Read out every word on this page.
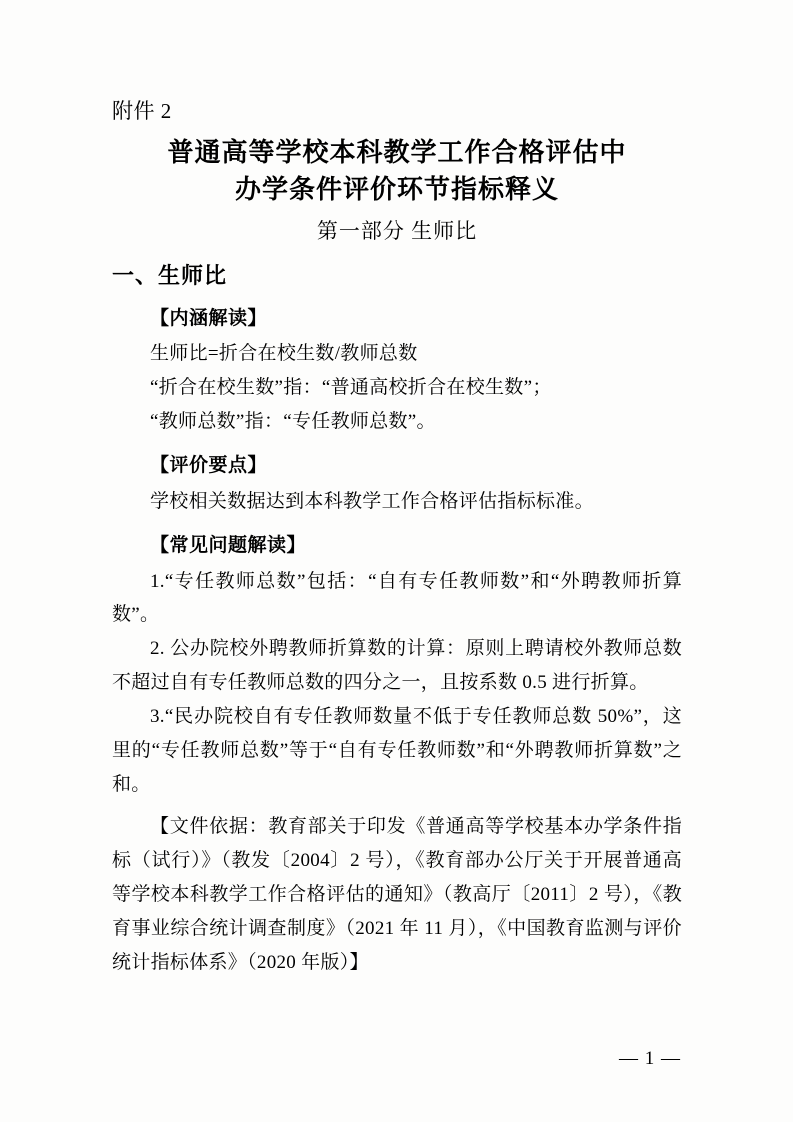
附件 2
普通高等学校本科教学工作合格评估中
办学条件评价环节指标释义
第一部分 生师比
一、生师比
【内涵解读】

生师比=折合在校生数/教师总数

“折合在校生数”指：“普通高校折合在校生数”；

“教师总数”指：“专任教师总数”。

【评价要点】

学校相关数据达到本科教学工作合格评估指标标准。

【常见问题解读】

1.“专任教师总数”包括：“自有专任教师数”和“外聘教师折算数”。

2. 公办院校外聘教师折算数的计算：原则上聘请校外教师总数不超过自有专任教师总数的四分之一，且按系数 0.5 进行折算。

3.“民办院校自有专任教师数量不低于专任教师总数 50%”，这里的“专任教师总数”等于“自有专任教师数”和“外聘教师折算数”之和。

【文件依据：教育部关于印发《普通高等学校基本办学条件指标（试行）》（教发〔2004〕2 号），《教育部办公厅关于开展普通高等学校本科教学工作合格评估的通知》（教高厅〔2011〕2 号），《教育事业综合统计调查制度》（2021 年 11 月），《中国教育监测与评价统计指标体系》（2020 年版）】

— 1 —
